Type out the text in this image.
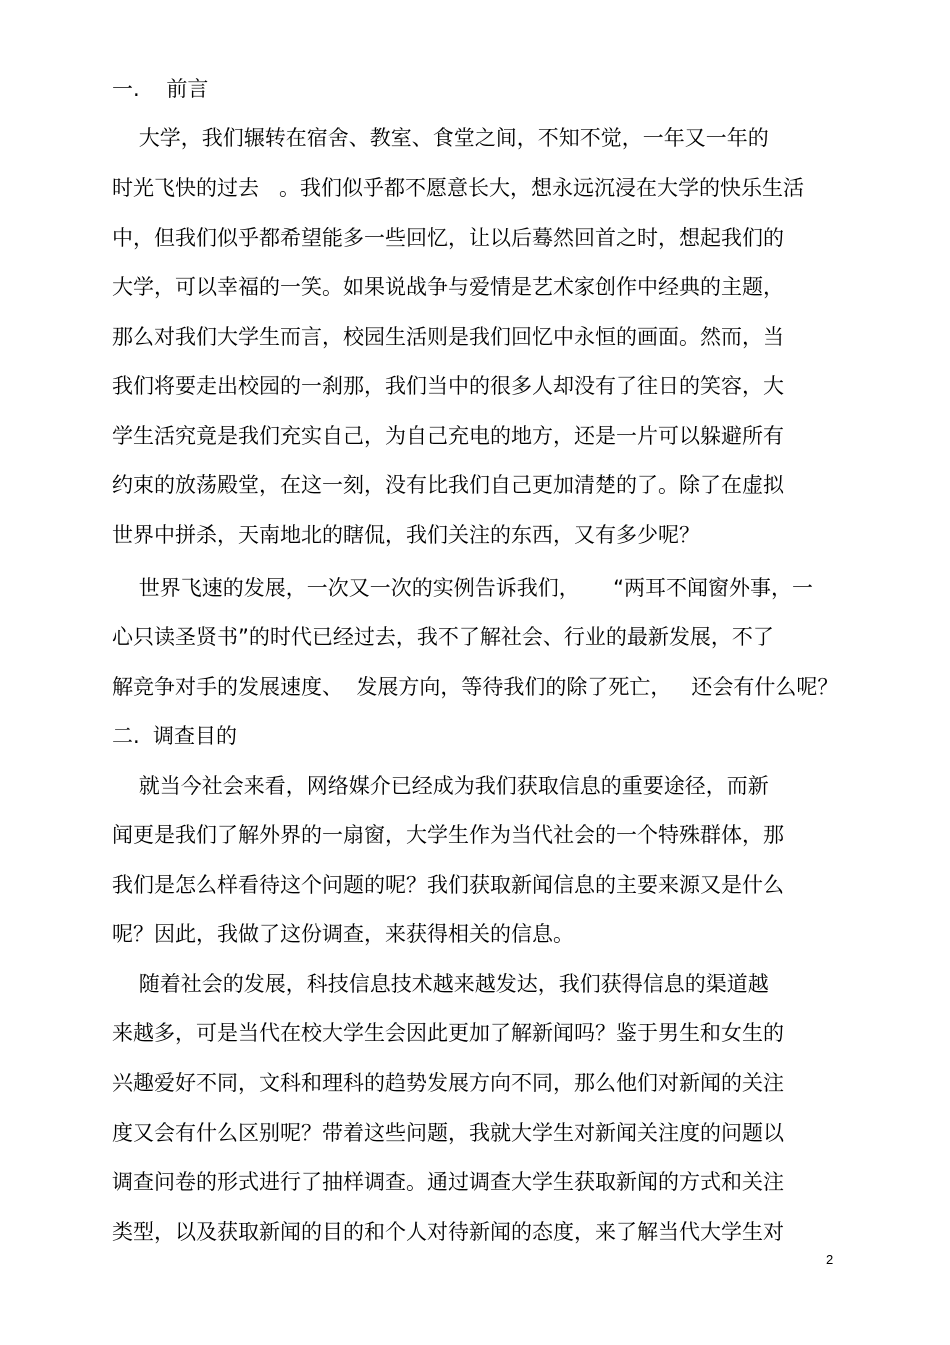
一.    前言
大学，我们辗转在宿舍、教室、食堂之间，不知不觉，一年又一年的
时光飞快的过去   。我们似乎都不愿意长大，想永远沉浸在大学的快乐生活
中，但我们似乎都希望能多一些回忆，让以后蓦然回首之时，想起我们的
大学，可以幸福的一笑。如果说战争与爱情是艺术家创作中经典的主题，
那么对我们大学生而言，校园生活则是我们回忆中永恒的画面。然而，当
我们将要走出校园的一刹那，我们当中的很多人却没有了往日的笑容，大
学生活究竟是我们充实自己，为自己充电的地方，还是一片可以躲避所有
约束的放荡殿堂，在这一刻，没有比我们自己更加清楚的了。除了在虚拟
世界中拼杀，天南地北的瞎侃，我们关注的东西，又有多少呢？
世界飞速的发展，一次又一次的实例告诉我们，     “两耳不闻窗外事，一
心只读圣贤书”的时代已经过去，我不了解社会、行业的最新发展，不了
解竞争对手的发展速度、  发展方向，等待我们的除了死亡，   还会有什么呢？
二.  调查目的
就当今社会来看，网络媒介已经成为我们获取信息的重要途径，而新
闻更是我们了解外界的一扇窗，大学生作为当代社会的一个特殊群体，那
我们是怎么样看待这个问题的呢？我们获取新闻信息的主要来源又是什么
呢？因此，我做了这份调查，来获得相关的信息。
随着社会的发展，科技信息技术越来越发达，我们获得信息的渠道越
来越多，可是当代在校大学生会因此更加了解新闻吗？鉴于男生和女生的
兴趣爱好不同，文科和理科的趋势发展方向不同，那么他们对新闻的关注
度又会有什么区别呢？带着这些问题，我就大学生对新闻关注度的问题以
调查问卷的形式进行了抽样调查。通过调查大学生获取新闻的方式和关注
类型，以及获取新闻的目的和个人对待新闻的态度，来了解当代大学生对
2
